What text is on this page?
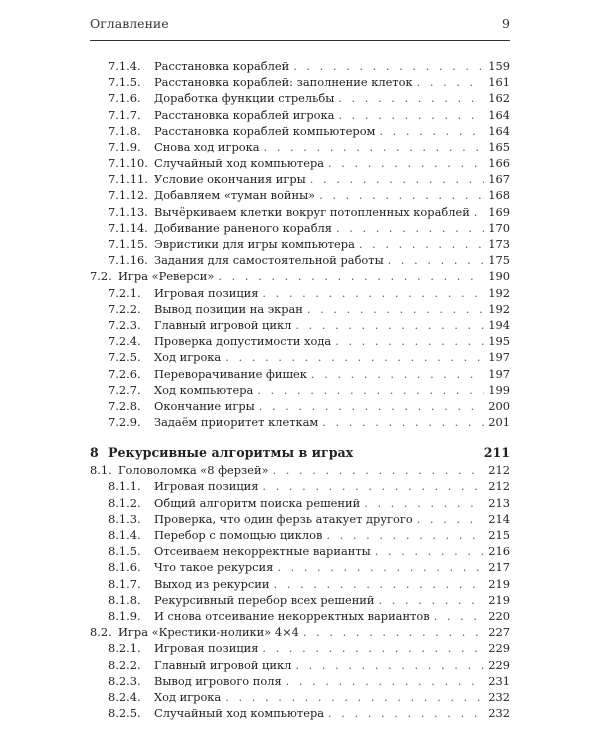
Оглавление	9
7.1.4.	Расстановка кораблей . . .	159
7.1.5.	Расстановка кораблей: заполнение клеток . . .	161
7.1.6.	Доработка функции стрельбы . . .	162
7.1.7.	Расстановка кораблей игрока . . .	164
7.1.8.	Расстановка кораблей компьютером . . .	164
7.1.9.	Снова ход игрока . . .	165
7.1.10. Случайный ход компьютера . . .	166
7.1.11. Условие окончания игры . . .	167
7.1.12. Добавляем «туман войны» . . .	168
7.1.13. Вычёркиваем клетки вокруг потопленных кораблей . . . 169
7.1.14. Добивание раненого корабля . . .	170
7.1.15. Эвристики для игры компьютера . . .	173
7.1.16. Задания для самостоятельной работы . . .	175
7.2. Игра «Реверси» . . .	190
7.2.1.	Игровая позиция . . .	192
7.2.2.	Вывод позиции на экран . . .	192
7.2.3.	Главный игровой цикл . . .	194
7.2.4.	Проверка допустимости хода . . .	195
7.2.5.	Ход игрока . . .	197
7.2.6.	Переворачивание фишек . . .	197
7.2.7.	Ход компьютера . . .	199
7.2.8.	Окончание игры . . .	200
7.2.9.	Задаём приоритет клеткам . . .	201
8 Рекурсивные алгоритмы в играх	211
8.1. Головоломка «8 ферзей» . . .	212
8.1.1.	Игровая позиция . . .	212
8.1.2.	Общий алгоритм поиска решений . . .	213
8.1.3.	Проверка, что один ферзь атакует другого . . .	214
8.1.4.	Перебор с помощью циклов . . .	215
8.1.5.	Отсеиваем некорректные варианты . . .	216
8.1.6.	Что такое рекурсия . . .	217
8.1.7.	Выход из рекурсии . . .	219
8.1.8.	Рекурсивный перебор всех решений . . .	219
8.1.9.	И снова отсеивание некорректных вариантов . . .	220
8.2. Игра «Крестики-нолики» 4×4 . . .	227
8.2.1.	Игровая позиция . . .	229
8.2.2.	Главный игровой цикл . . .	229
8.2.3.	Вывод игрового поля . . .	231
8.2.4.	Ход игрока . . .	232
8.2.5.	Случайный ход компьютера . . .	232
